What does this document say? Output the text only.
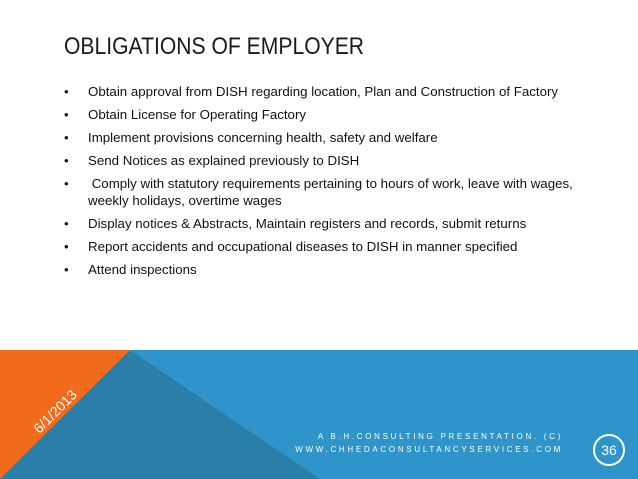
OBLIGATIONS OF EMPLOYER
• Obtain approval from DISH regarding location, Plan and Construction of Factory
• Obtain License for Operating Factory
• Implement provisions concerning health, safety and welfare
• Send Notices as explained previously to DISH
• Comply with statutory requirements pertaining to hours of work, leave with wages, weekly holidays, overtime wages
• Display notices & Abstracts, Maintain registers and records, submit returns
• Report accidents and occupational diseases to DISH in manner specified
• Attend inspections
6/1/2013
A B.H.CONSULTING PRESENTATION. (C)
WWW.CHHEDACONSULTANCYSERVICES.COM	36
